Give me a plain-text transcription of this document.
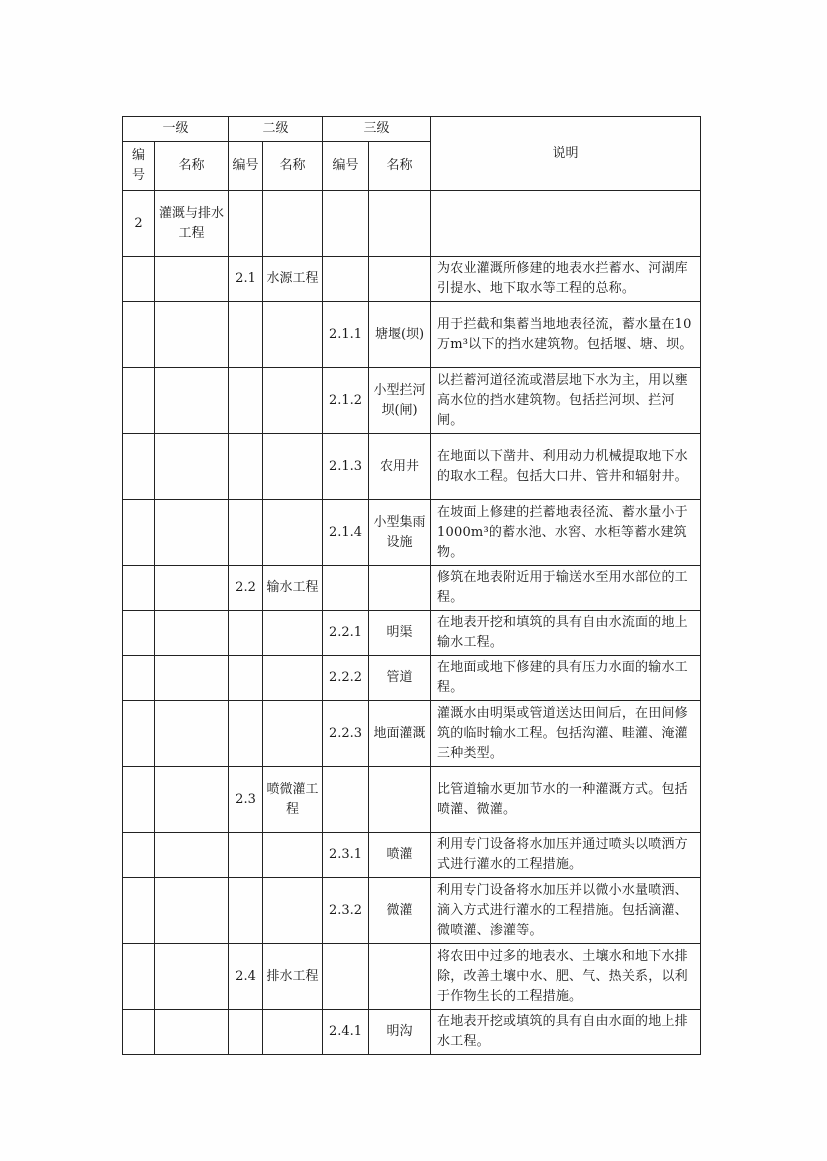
一级		二级		三级		说明
编号	名称	编号	名称	编号	名称	
2	灌溉与排水工程					
		2.1	水源工程			为农业灌溉所修建的地表水拦蓄水、河湖库引提水、地下取水等工程的总称。
				2.1.1	塘堰(坝)	用于拦截和集蓄当地地表径流，蓄水量在10万m³以下的挡水建筑物。包括堰、塘、坝。
				2.1.2	小型拦河坝(闸)	以拦蓄河道径流或潜层地下水为主，用以壅高水位的挡水建筑物。包括拦河坝、拦河闸。
				2.1.3	农用井	在地面以下凿井、利用动力机械提取地下水的取水工程。包括大口井、管井和辐射井。
				2.1.4	小型集雨设施	在坡面上修建的拦蓄地表径流、蓄水量小于1000m³的蓄水池、水窖、水柜等蓄水建筑物。
		2.2	输水工程			修筑在地表附近用于输送水至用水部位的工程。
				2.2.1	明渠	在地表开挖和填筑的具有自由水流面的地上输水工程。
				2.2.2	管道	在地面或地下修建的具有压力水面的输水工程。
				2.2.3	地面灌溉	灌溉水由明渠或管道送达田间后，在田间修筑的临时输水工程。包括沟灌、畦灌、淹灌三种类型。
		2.3	喷微灌工程			比管道输水更加节水的一种灌溉方式。包括喷灌、微灌。
				2.3.1	喷灌	利用专门设备将水加压并通过喷头以喷洒方式进行灌水的工程措施。
				2.3.2	微灌	利用专门设备将水加压并以微小水量喷洒、滴入方式进行灌水的工程措施。包括滴灌、微喷灌、渗灌等。
		2.4	排水工程			将农田中过多的地表水、土壤水和地下水排除，改善土壤中水、肥、气、热关系，以利于作物生长的工程措施。
				2.4.1	明沟	在地表开挖或填筑的具有自由水面的地上排水工程。
